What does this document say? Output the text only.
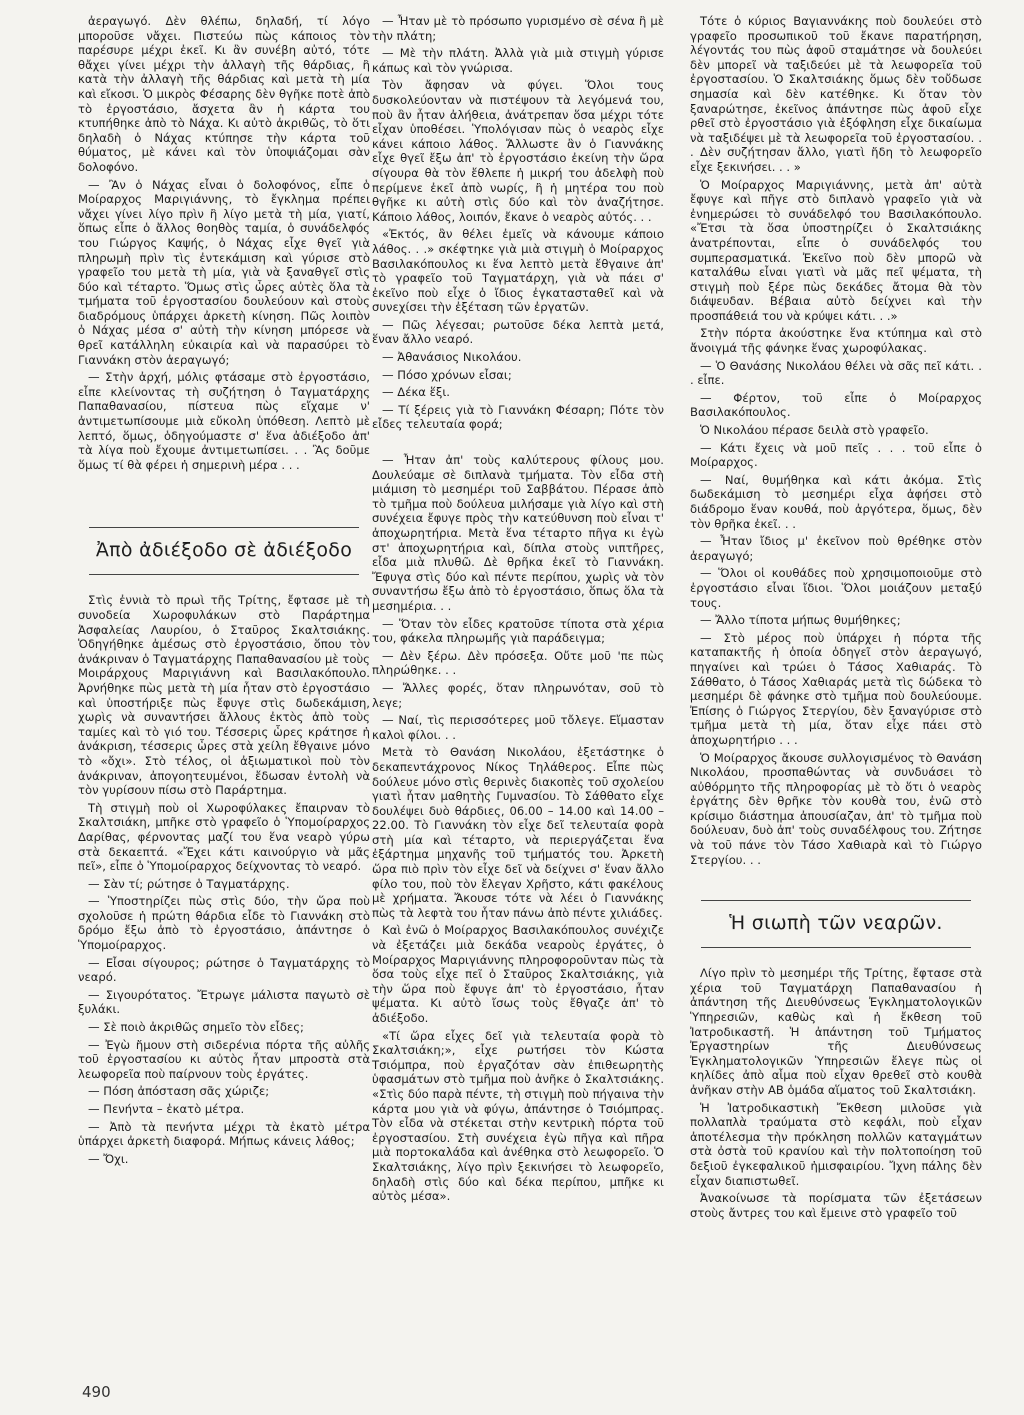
ἀεραγωγό. Δὲν θλέπω, δηλαδή, τί λόγο μποροῦσε νἄχει. Πιστεύω πὼς κάποιος τὸν παρέσυρε μέχρι ἐκεῖ. Κι ἂν συνέβη αὐτό, τότε θἄχει γίνει μέχρι τὴν ἀλλαγὴ τῆς θάρδιας, ἢ κατὰ τὴν ἀλλαγὴ τῆς θάρδιας καὶ μετὰ τὴ μία καὶ εἴκοσι. Ὁ μικρὸς Φέσαρης δὲν θγῆκε ποτὲ ἀπὸ τὸ ἐργοστάσιο, ἄσχετα ἂν ἡ κάρτα του κτυπήθηκε ἀπὸ τὸ Νάχα. Κι αὐτὸ ἀκριθῶς, τὸ ὅτι δηλαδὴ ὁ Νάχας κτύπησε τὴν κάρτα τοῦ θύματος, μὲ κάνει καὶ τὸν ὑποψιάζομαι σὰν δολοφόνο.

— Ἂν ὁ Νάχας εἶναι ὁ δολοφόνος, εἶπε ὁ Μοίραρχος Μαριγιάννης, τὸ ἔγκλημα πρέπει νἄχει γίνει λίγο πρὶν ἢ λίγο μετὰ τὴ μία, γιατί, ὅπως εἶπε ὁ ἄλλος θοηθὸς ταμία, ὁ συνάδελφός του Γιώργος Καψής, ὁ Νάχας εἶχε θγεῖ γιὰ πληρωμὴ πρὶν τὶς ἐντεκάμιση καὶ γύρισε στὸ γραφεῖο του μετὰ τὴ μία, γιὰ νὰ ξαναθγεῖ στὶς δύο καὶ τέταρτο. Ὅμως στὶς ὧρες αὐτὲς ὅλα τὰ τμήματα τοῦ ἐργοστασίου δουλεύουν καὶ στοὺς διαδρόμους ὑπάρχει ἀρκετὴ κίνηση. Πῶς λοιπὸν ὁ Νάχας μέσα σ' αὐτὴ τὴν κίνηση μπόρεσε νὰ θρεῖ κατάλληλη εὐκαιρία καὶ νὰ παρασύρει τὸ Γιαννάκη στὸν ἀεραγωγό;

— Στὴν ἀρχή, μόλις φτάσαμε στὸ ἐργοστάσιο, εἶπε κλείνοντας τὴ συζήτηση ὁ Ταγματάρχης Παπαθανασίου, πίστευα πὼς εἴχαμε ν' ἀντιμετωπίσουμε μιὰ εὔκολη ὑπόθεση. Λεπτὸ μὲ λεπτό, ὅμως, ὁδηγούμαστε σ' ἕνα ἀδιέξοδο ἀπ' τὰ λίγα ποὺ ἔχουμε ἀντιμετωπίσει. . . Ἂς δοῦμε ὅμως τί θὰ φέρει ἡ σημερινὴ μέρα . . .

Ἀπὸ ἀδιέξοδο σὲ ἀδιέξοδο

Στὶς ἐννιὰ τὸ πρωὶ τῆς Τρίτης, ἔφτασε μὲ τὴ συνοδεία Χωροφυλάκων στὸ Παράρτημα Ἀσφαλείας Λαυρίου, ὁ Σταῦρος Σκαλτσιάκης. Ὁδηγήθηκε ἀμέσως στὸ ἐργοστάσιο, ὅπου τὸν ἀνάκριναν ὁ Ταγματάρχης Παπαθανασίου μὲ τοὺς Μοιράρχους Μαριγιάννη καὶ Βασιλακόπουλο. Ἀρνήθηκε πὼς μετὰ τὴ μία ἦταν στὸ ἐργοστάσιο καὶ ὑποστήριξε πὼς ἔφυγε στὶς δωδεκάμιση, χωρὶς νὰ συναντήσει ἄλλους ἐκτὸς ἀπὸ τοὺς ταμίες καὶ τὸ γιό του. Τέσσερις ὧρες κράτησε ἡ ἀνάκριση, τέσσερις ὧρες στὰ χείλη ἔθγαινε μόνο τὸ «ὄχι». Στὸ τέλος, οἱ ἀξιωματικοὶ ποὺ τὸν ἀνάκριναν, ἀπογοητευμένοι, ἔδωσαν ἐντολὴ νὰ τὸν γυρίσουν πίσω στὸ Παράρτημα.

Τὴ στιγμὴ ποὺ οἱ Χωροφύλακες ἔπαιρναν τὸ Σκαλτσιάκη, μπῆκε στὸ γραφεῖο ὁ Ὑπομοίραρχος Δαρίθας, φέρνοντας μαζί του ἕνα νεαρὸ γύρω στὰ δεκαεπτά. «Ἔχει κάτι καινούργιο νὰ μᾶς πεῖ», εἶπε ὁ Ὑπομοίραρχος δείχνοντας τὸ νεαρό.

— Σὰν τί; ρώτησε ὁ Ταγματάρχης.

— Ὑποστηρίζει πὼς στὶς δύο, τὴν ὥρα ποὺ σχολοῦσε ἡ πρώτη θάρδια εἶδε τὸ Γιαννάκη στὸ δρόμο ἔξω ἀπὸ τὸ ἐργοστάσιο, ἀπάντησε ὁ Ὑπομοίραρχος.

— Εἶσαι σίγουρος; ρώτησε ὁ Ταγματάρχης τὸ νεαρό.

— Σιγουρότατος. Ἔτρωγε μάλιστα παγωτὸ σὲ ξυλάκι.

— Σὲ ποιὸ ἀκριθῶς σημεῖο τὸν εἶδες;

— Ἐγὼ ἤμουν στὴ σιδερένια πόρτα τῆς αὐλῆς τοῦ ἐργοστασίου κι αὐτὸς ἦταν μπροστὰ στὰ λεωφορεῖα ποὺ παίρνουν τοὺς ἐργάτες.

— Πόση ἀπόσταση σᾶς χώριζε;

— Πενήντα – ἑκατὸ μέτρα.

— Ἀπὸ τὰ πενήντα μέχρι τὰ ἑκατὸ μέτρα ὑπάρχει ἀρκετὴ διαφορά. Μήπως κάνεις λάθος;

— Ὄχι.

— Ἦταν μὲ τὸ πρόσωπο γυρισμένο σὲ σένα ἢ μὲ τὴν πλάτη;

— Μὲ τὴν πλάτη. Ἀλλὰ γιὰ μιὰ στιγμὴ γύρισε κάπως καὶ τὸν γνώρισα.

Τὸν ἄφησαν νὰ φύγει. Ὅλοι τους δυσκολεύονταν νὰ πιστέψουν τὰ λεγόμενά του, ποὺ ἂν ἦταν ἀλήθεια, ἀνάτρεπαν ὅσα μέχρι τότε εἶχαν ὑποθέσει. Ὑπολόγισαν πὼς ὁ νεαρὸς εἶχε κάνει κάποιο λάθος. Ἄλλωστε ἂν ὁ Γιαννάκης εἶχε θγεῖ ἔξω ἀπ' τὸ ἐργοστάσιο ἐκείνη τὴν ὥρα σίγουρα θὰ τὸν ἔθλεπε ἡ μικρή του ἀδελφὴ ποὺ περίμενε ἐκεῖ ἀπὸ νωρίς, ἢ ἡ μητέρα του ποὺ θγῆκε κι αὐτὴ στὶς δύο καὶ τὸν ἀναζήτησε. Κάποιο λάθος, λοιπόν, ἔκανε ὁ νεαρὸς αὐτός. . .

«Ἐκτός, ἂν θέλει ἐμεῖς νὰ κάνουμε κάποιο λάθος. . .» σκέφτηκε γιὰ μιὰ στιγμὴ ὁ Μοίραρχος Βασιλακόπουλος κι ἕνα λεπτὸ μετὰ ἔθγαινε ἀπ' τὸ γραφεῖο τοῦ Ταγματάρχη, γιὰ νὰ πάει σ' ἐκεῖνο ποὺ εἶχε ὁ ἴδιος ἐγκατασταθεῖ καὶ νὰ συνεχίσει τὴν ἐξέταση τῶν ἐργατῶν.

— Πῶς λέγεσαι; ρωτοῦσε δέκα λεπτὰ μετά, ἕναν ἄλλο νεαρό.

— Ἀθανάσιος Νικολάου.

— Πόσο χρόνων εἶσαι;

— Δέκα ἕξι.

— Τί ξέρεις γιὰ τὸ Γιαννάκη Φέσαρη; Πότε τὸν εἶδες τελευταία φορά;

— Ἦταν ἀπ' τοὺς καλύτερους φίλους μου. Δουλεύαμε σὲ διπλανὰ τμήματα. Τὸν εἶδα στὴ μιάμιση τὸ μεσημέρι τοῦ Σαββάτου. Πέρασε ἀπὸ τὸ τμῆμα ποὺ δούλευα μιλήσαμε γιὰ λίγο καὶ στὴ συνέχεια ἔφυγε πρὸς τὴν κατεύθυνση ποὺ εἶναι τ' ἀποχωρητήρια. Μετὰ ἕνα τέταρτο πῆγα κι ἐγὼ στ' ἀποχωρητήρια καὶ, δίπλα στοὺς νιπτῆρες, εἶδα μιὰ πλυθῶ. Δὲ θρῆκα ἐκεῖ τὸ Γιαννάκη. Ἔφυγα στὶς δύο καὶ πέντε περίπου, χωρὶς νὰ τὸν συναντήσω ἔξω ἀπὸ τὸ ἐργοστάσιο, ὅπως ὅλα τὰ μεσημέρια. . .

— Ὅταν τὸν εἶδες κρατοῦσε τίποτα στὰ χέρια του, φάκελα πληρωμῆς γιὰ παράδειγμα;

— Δὲν ξέρω. Δὲν πρόσεξα. Οὔτε μοῦ 'πε πὼς πληρώθηκε. . .

— Ἄλλες φορές, ὅταν πληρωνόταν, σοῦ τὸ λεγε;

— Ναί, τὶς περισσότερες μοῦ τὄλεγε. Εἴμασταν καλοὶ φίλοι. . .

Μετὰ τὸ Θανάση Νικολάου, ἐξετάστηκε ὁ δεκαπεντάχρονος Νίκος Τηλάθερος. Εἶπε πὼς δούλευε μόνο στὶς θερινὲς διακοπὲς τοῦ σχολείου γιατὶ ἦταν μαθητὴς Γυμνασίου. Τὸ Σάθθατο εἶχε δουλέψει δυὸ θάρδιες, 06.00 – 14.00 καὶ 14.00 – 22.00. Τὸ Γιαννάκη τὸν εἶχε δεῖ τελευταία φορὰ στὴ μία καὶ τέταρτο, νὰ περιεργάζεται ἕνα ἐξάρτημα μηχανῆς τοῦ τμήματός του. Ἀρκετὴ ὥρα πιὸ πρὶν τὸν εἶχε δεῖ νὰ δείχνει σ' ἕναν ἄλλο φίλο του, ποὺ τὸν ἔλεγαν Χρῆστο, κάτι φακέλους μὲ χρήματα. Ἄκουσε τότε νὰ λέει ὁ Γιαννάκης πὼς τὰ λεφτὰ του ἦταν πάνω ἀπὸ πέντε χιλιάδες.

Καὶ ἐνῶ ὁ Μοίραρχος Βασιλακόπουλος συνέχιζε νὰ ἐξετάζει μιὰ δεκάδα νεαροὺς ἐργάτες, ὁ Μοίραρχος Μαριγιάννης πληροφοροῦνταν πὼς τὰ ὅσα τοὺς εἶχε πεῖ ὁ Σταῦρος Σκαλτσιάκης, γιὰ τὴν ὥρα ποὺ ἔφυγε ἀπ' τὸ ἐργοστάσιο, ἦταν ψέματα. Κι αὐτὸ ἴσως τοὺς ἔθγαζε ἀπ' τὸ ἀδιέξοδο.

«Τί ὥρα εἶχες δεῖ γιὰ τελευταία φορὰ τὸ Σκαλτσιάκη;», εἶχε ρωτήσει τὸν Κώστα Τσιόμπρα, ποὺ ἐργαζόταν σὰν ἐπιθεωρητὴς ὑφασμάτων στὸ τμῆμα ποὺ ἀνῆκε ὁ Σκαλτσιάκης. «Στὶς δύο παρὰ πέντε, τὴ στιγμὴ ποὺ πήγαινα τὴν κάρτα μου γιὰ νὰ φύγω, ἀπάντησε ὁ Τσιόμπρας. Τὸν εἶδα νὰ στέκεται στὴν κεντρικὴ πόρτα τοῦ ἐργοστασίου. Στὴ συνέχεια ἐγὼ πῆγα καὶ πῆρα μιὰ πορτοκαλάδα καὶ ἀνέθηκα στὸ λεωφορεῖο. Ὁ Σκαλτσιάκης, λίγο πρὶν ξεκινήσει τὸ λεωφορεῖο, δηλαδὴ στὶς δύο καὶ δέκα περίπου, μπῆκε κι αὐτὸς μέσα».

Τότε ὁ κύριος Βαγιαννάκης ποὺ δουλεύει στὸ γραφεῖο προσωπικοῦ τοῦ ἔκανε παρατήρηση, λέγοντάς του πὼς ἀφοῦ σταμάτησε νὰ δουλεύει δὲν μπορεῖ νὰ ταξιδεύει μὲ τὰ λεωφορεῖα τοῦ ἐργοστασίου. Ὁ Σκαλτσιάκης ὅμως δὲν τοὔδωσε σημασία καὶ δὲν κατέθηκε. Κι ὅταν τὸν ξαναρώτησε, ἐκεῖνος ἀπάντησε πὼς ἀφοῦ εἶχε ρθεῖ στὸ ἐργοστάσιο γιὰ ἐξόφληση εἶχε δικαίωμα νὰ ταξιδέψει μὲ τὰ λεωφορεῖα τοῦ ἐργοστασίου. . . Δὲν συζήτησαν ἄλλο, γιατὶ ἤδη τὸ λεωφορεῖο εἶχε ξεκινήσει. . . »

Ὁ Μοίραρχος Μαριγιάννης, μετὰ ἀπ' αὐτὰ ἔφυγε καὶ πῆγε στὸ διπλανὸ γραφεῖο γιὰ νὰ ἐνημερώσει τὸ συνάδελφό του Βασιλακόπουλο. «Ἔτσι τὰ ὅσα ὑποστηρίζει ὁ Σκαλτσιάκης ἀνατρέπονται, εἶπε ὁ συνάδελφός του συμπερασματικά. Ἐκεῖνο ποὺ δὲν μπορῶ νὰ καταλάθω εἶναι γιατὶ νὰ μᾶς πεῖ ψέματα, τὴ στιγμὴ ποὺ ξέρε πὼς δεκάδες ἄτομα θὰ τὸν διάψευδαν. Βέβαια αὐτὸ δείχνει καὶ τὴν προσπάθειά του νὰ κρύψει κάτι. . .»

Στὴν πόρτα ἀκούστηκε ἕνα κτύπημα καὶ στὸ ἄνοιγμά τῆς φάνηκε ἕνας χωροφύλακας.

— Ὁ Θανάσης Νικολάου θέλει νὰ σᾶς πεῖ κάτι. . . εἶπε.

— Φέρτον, τοῦ εἶπε ὁ Μοίραρχος Βασιλακόπουλος.

Ὁ Νικολάου πέρασε δειλὰ στὸ γραφεῖο.

— Κάτι ἔχεις νὰ μοῦ πεῖς . . . τοῦ εἶπε ὁ Μοίραρχος.

— Ναί, θυμήθηκα καὶ κάτι ἀκόμα. Στὶς δωδεκάμιση τὸ μεσημέρι εἶχα ἀφήσει στὸ διάδρομο ἕναν κουθά, ποὺ ἀργότερα, ὅμως, δὲν τὸν θρῆκα ἐκεῖ. . .

— Ἦταν ἴδιος μ' ἐκεῖνον ποὺ θρέθηκε στὸν ἀεραγωγό;

— Ὅλοι οἱ κουθάδες ποὺ χρησιμοποιοῦμε στὸ ἐργοστάσιο εἶναι ἴδιοι. Ὅλοι μοιάζουν μεταξύ τους.

— Ἄλλο τίποτα μήπως θυμήθηκες;

— Στὸ μέρος ποὺ ὑπάρχει ἡ πόρτα τῆς καταπακτῆς ἡ ὁποία ὁδηγεῖ στὸν ἀεραγωγό, πηγαίνει καὶ τρώει ὁ Τάσος Χαθιαράς. Τὸ Σάθθατο, ὁ Τάσος Χαθιαράς μετὰ τὶς δώδεκα τὸ μεσημέρι δὲ φάνηκε στὸ τμῆμα ποὺ δουλεύουμε. Ἐπίσης ὁ Γιώργος Στεργίου, δὲν ξαναγύρισε στὸ τμῆμα μετὰ τὴ μία, ὅταν εἶχε πάει στὸ ἀποχωρητήριο . . .

Ὁ Μοίραρχος ἄκουσε συλλογισμένος τὸ Θανάση Νικολάου, προσπαθώντας νὰ συνδυάσει τὸ αὐθόρμητο τῆς πληροφορίας μὲ τὸ ὅτι ὁ νεαρὸς ἐργάτης δὲν θρῆκε τὸν κουθὰ του, ἐνῶ στὸ κρίσιμο διάστημα ἀπουσίαζαν, ἀπ' τὸ τμῆμα ποὺ δούλευαν, δυὸ ἀπ' τοὺς συναδέλφους του. Ζήτησε νὰ τοῦ πάνε τὸν Τάσο Χαθιαρὰ καὶ τὸ Γιώργο Στεργίου. . .

Ἡ σιωπὴ τῶν νεαρῶν.

Λίγο πρὶν τὸ μεσημέρι τῆς Τρίτης, ἔφτασε στὰ χέρια τοῦ Ταγματάρχη Παπαθανασίου ἡ ἀπάντηση τῆς Διευθύνσεως Ἐγκληματολογικῶν Ὑπηρεσιῶν, καθὼς καὶ ἡ ἔκθεση τοῦ Ἰατροδικαστῆ. Ἡ ἀπάντηση τοῦ Τμήματος Ἐργαστηρίων τῆς Διευθύνσεως Ἐγκληματολογικῶν Ὑπηρεσιῶν ἔλεγε πὼς οἱ κηλίδες ἀπὸ αἷμα ποὺ εἶχαν θρεθεῖ στὸ κουθὰ ἀνῆκαν στὴν ΑΒ ὁμάδα αἵματος τοῦ Σκαλτσιάκη.

Ἡ Ἰατροδικαστικὴ Ἔκθεση μιλοῦσε γιὰ πολλαπλὰ τραύματα στὸ κεφάλι, ποὺ εἶχαν ἀποτέλεσμα τὴν πρόκληση πολλῶν καταγμάτων στὰ ὀστὰ τοῦ κρανίου καὶ τὴν πολτοποίηση τοῦ δεξιοῦ ἐγκεφαλικοῦ ἡμισφαιρίου. Ἴχνη πάλης δὲν εἶχαν διαπιστωθεῖ.

Ἀνακοίνωσε τὰ πορίσματα τῶν ἐξετάσεων στοὺς ἄντρες του καὶ ἔμεινε στὸ γραφεῖο τοῦ

490
